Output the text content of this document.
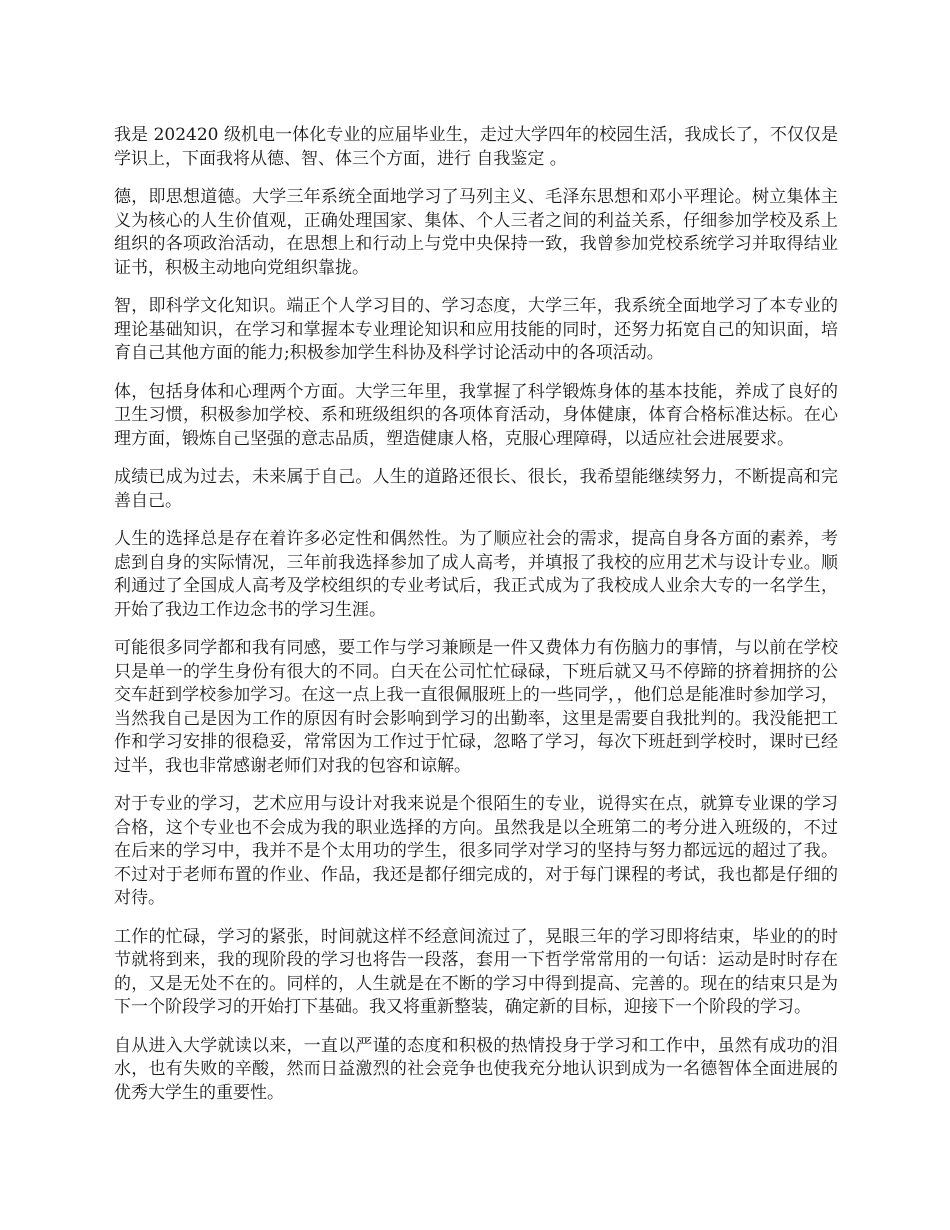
我是 202420 级机电一体化专业的应届毕业生，走过大学四年的校园生活，我成长了，不仅仅是学识上，下面我将从德、智、体三个方面，进行 自我鉴定 。

德，即思想道德。大学三年系统全面地学习了马列主义、毛泽东思想和邓小平理论。树立集体主义为核心的人生价值观，正确处理国家、集体、个人三者之间的利益关系，仔细参加学校及系上组织的各项政治活动，在思想上和行动上与党中央保持一致，我曾参加党校系统学习并取得结业证书，积极主动地向党组织靠拢。

智，即科学文化知识。端正个人学习目的、学习态度，大学三年，我系统全面地学习了本专业的理论基础知识，在学习和掌握本专业理论知识和应用技能的同时，还努力拓宽自己的知识面，培育自己其他方面的能力;积极参加学生科协及科学讨论活动中的各项活动。

体，包括身体和心理两个方面。大学三年里，我掌握了科学锻炼身体的基本技能，养成了良好的卫生习惯，积极参加学校、系和班级组织的各项体育活动，身体健康，体育合格标准达标。在心理方面，锻炼自己坚强的意志品质，塑造健康人格，克服心理障碍，以适应社会进展要求。

成绩已成为过去，未来属于自己。人生的道路还很长、很长，我希望能继续努力，不断提高和完善自己。

人生的选择总是存在着许多必定性和偶然性。为了顺应社会的需求，提高自身各方面的素养，考虑到自身的实际情况，三年前我选择参加了成人高考，并填报了我校的应用艺术与设计专业。顺利通过了全国成人高考及学校组织的专业考试后，我正式成为了我校成人业余大专的一名学生，开始了我边工作边念书的学习生涯。

可能很多同学都和我有同感，要工作与学习兼顾是一件又费体力有伤脑力的事情，与以前在学校只是单一的学生身份有很大的不同。白天在公司忙忙碌碌，下班后就又马不停蹄的挤着拥挤的公交车赶到学校参加学习。在这一点上我一直很佩服班上的一些同学，，他们总是能准时参加学习，当然我自己是因为工作的原因有时会影响到学习的出勤率，这里是需要自我批判的。我没能把工作和学习安排的很稳妥，常常因为工作过于忙碌，忽略了学习，每次下班赶到学校时，课时已经过半，我也非常感谢老师们对我的包容和谅解。

对于专业的学习，艺术应用与设计对我来说是个很陌生的专业，说得实在点，就算专业课的学习合格，这个专业也不会成为我的职业选择的方向。虽然我是以全班第二的考分进入班级的，不过在后来的学习中，我并不是个太用功的学生，很多同学对学习的坚持与努力都远远的超过了我。不过对于老师布置的作业、作品，我还是都仔细完成的，对于每门课程的考试，我也都是仔细的对待。

工作的忙碌，学习的紧张，时间就这样不经意间流过了，晃眼三年的学习即将结束，毕业的的时节就将到来，我的现阶段的学习也将告一段落，套用一下哲学常常用的一句话：运动是时时存在的，又是无处不在的。同样的，人生就是在不断的学习中得到提高、完善的。现在的结束只是为下一个阶段学习的开始打下基础。我又将重新整装，确定新的目标，迎接下一个阶段的学习。

自从进入大学就读以来，一直以严谨的态度和积极的热情投身于学习和工作中，虽然有成功的泪水，也有失败的辛酸，然而日益激烈的社会竞争也使我充分地认识到成为一名德智体全面进展的优秀大学生的重要性。
